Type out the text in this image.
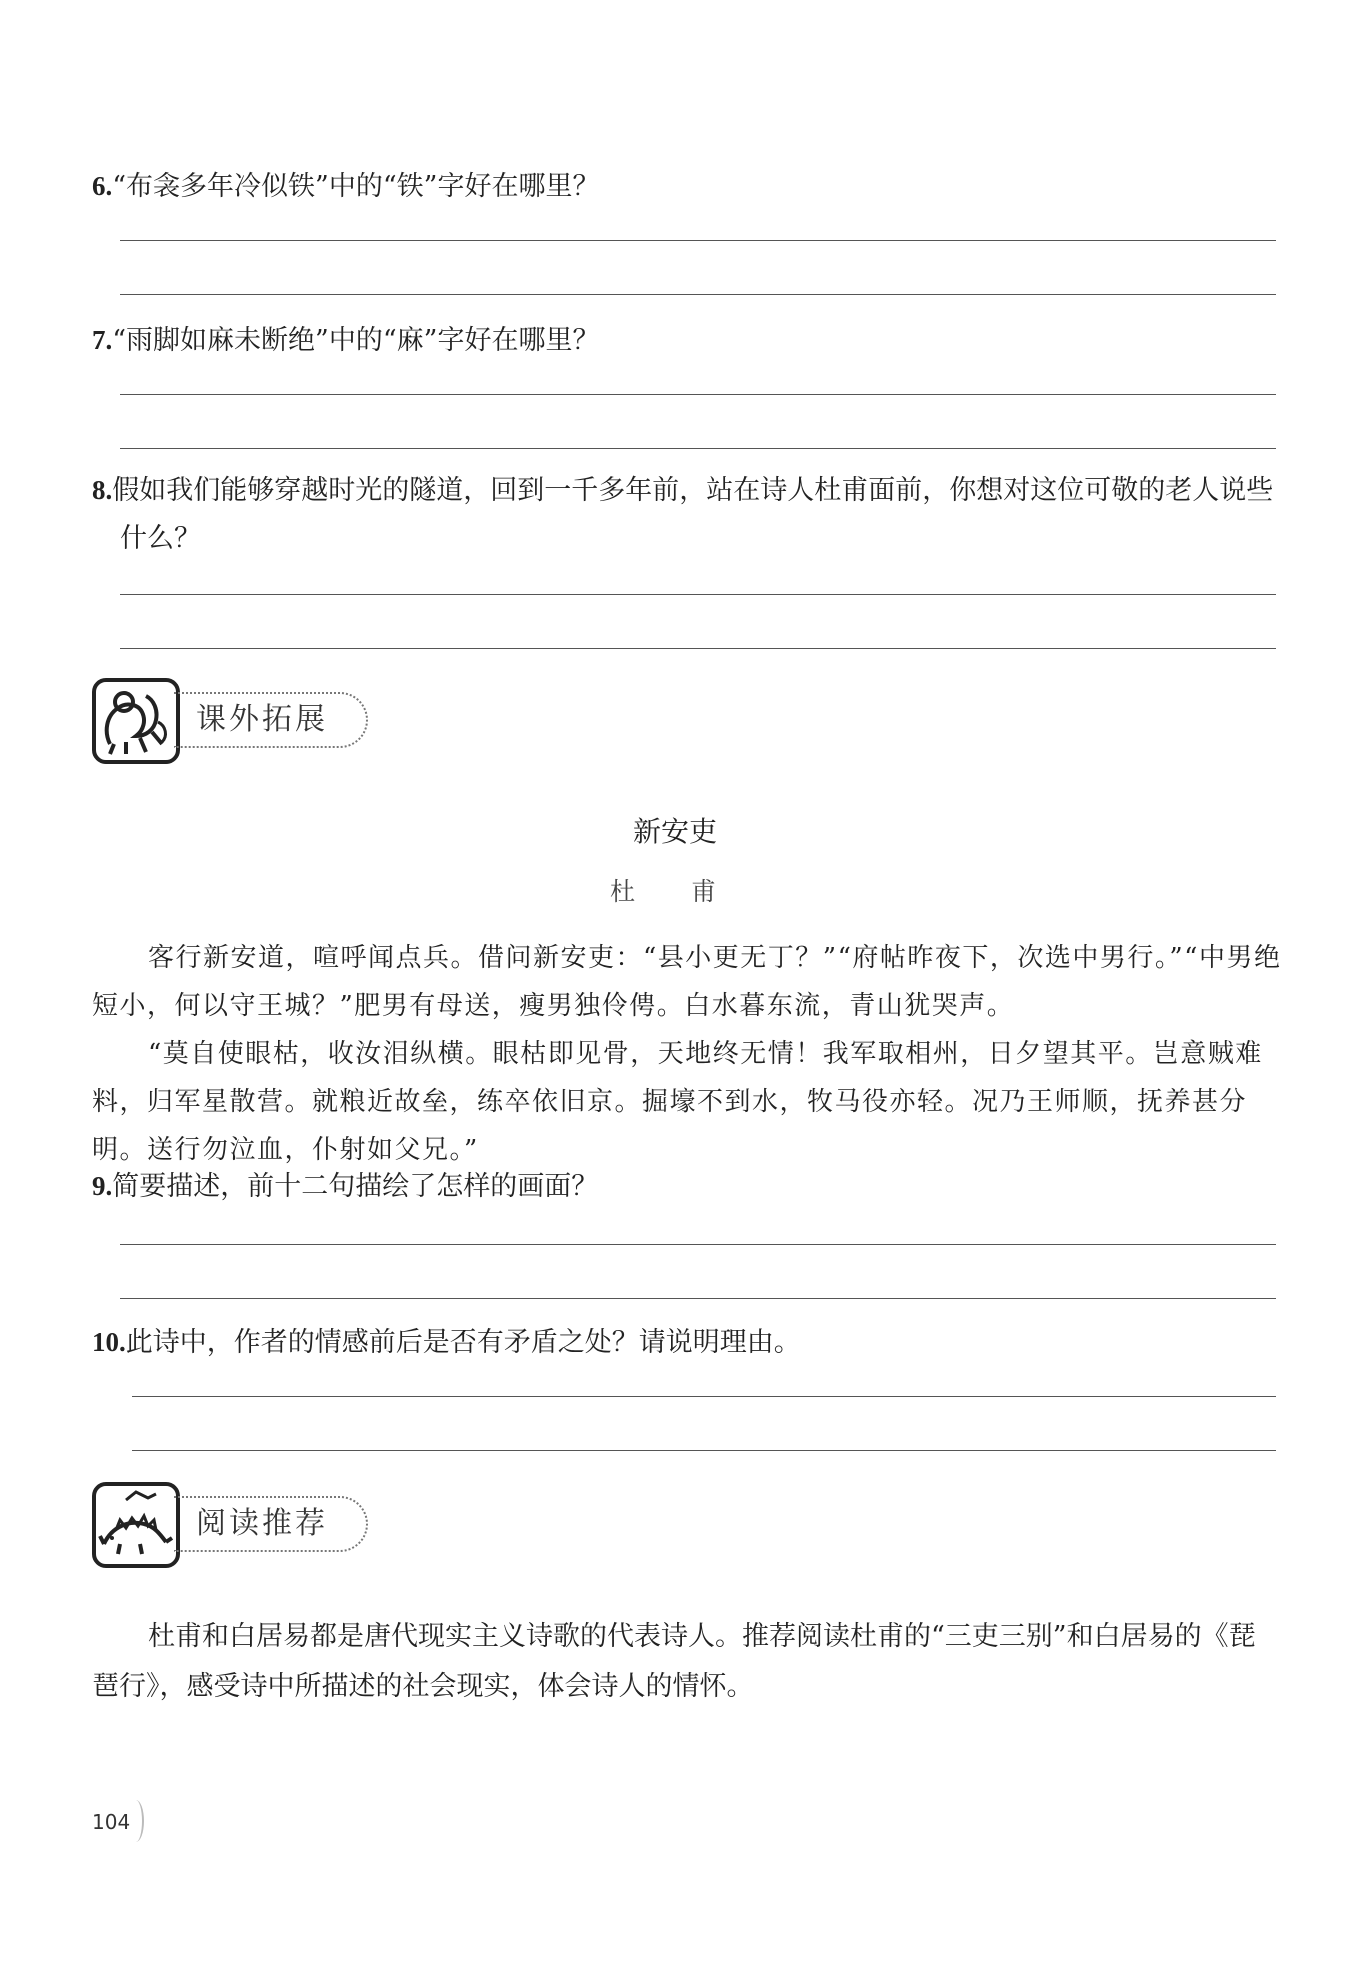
6.“布衾多年冷似铁”中的“铁”字好在哪里？
7.“雨脚如麻未断绝”中的“麻”字好在哪里？
8.假如我们能够穿越时光的隧道，回到一千多年前，站在诗人杜甫面前，你想对这位可敬的老人说些什么？
课外拓展
新安吏
杜 甫

客行新安道，喧呼闻点兵。借问新安吏：“县小更无丁？”“府帖昨夜下，次选中男行。”“中男绝短小，何以守王城？”肥男有母送，瘦男独伶俜。白水暮东流，青山犹哭声。

“莫自使眼枯，收汝泪纵横。眼枯即见骨，天地终无情！我军取相州，日夕望其平。岂意贼难料，归军星散营。就粮近故垒，练卒依旧京。掘壕不到水，牧马役亦轻。况乃王师顺，抚养甚分明。送行勿泣血，仆射如父兄。”

9.简要描述，前十二句描绘了怎样的画面？
10.此诗中，作者的情感前后是否有矛盾之处？请说明理由。
阅读推荐

杜甫和白居易都是唐代现实主义诗歌的代表诗人。推荐阅读杜甫的“三吏三别”和白居易的《琵琶行》，感受诗中所描述的社会现实，体会诗人的情怀。

104
